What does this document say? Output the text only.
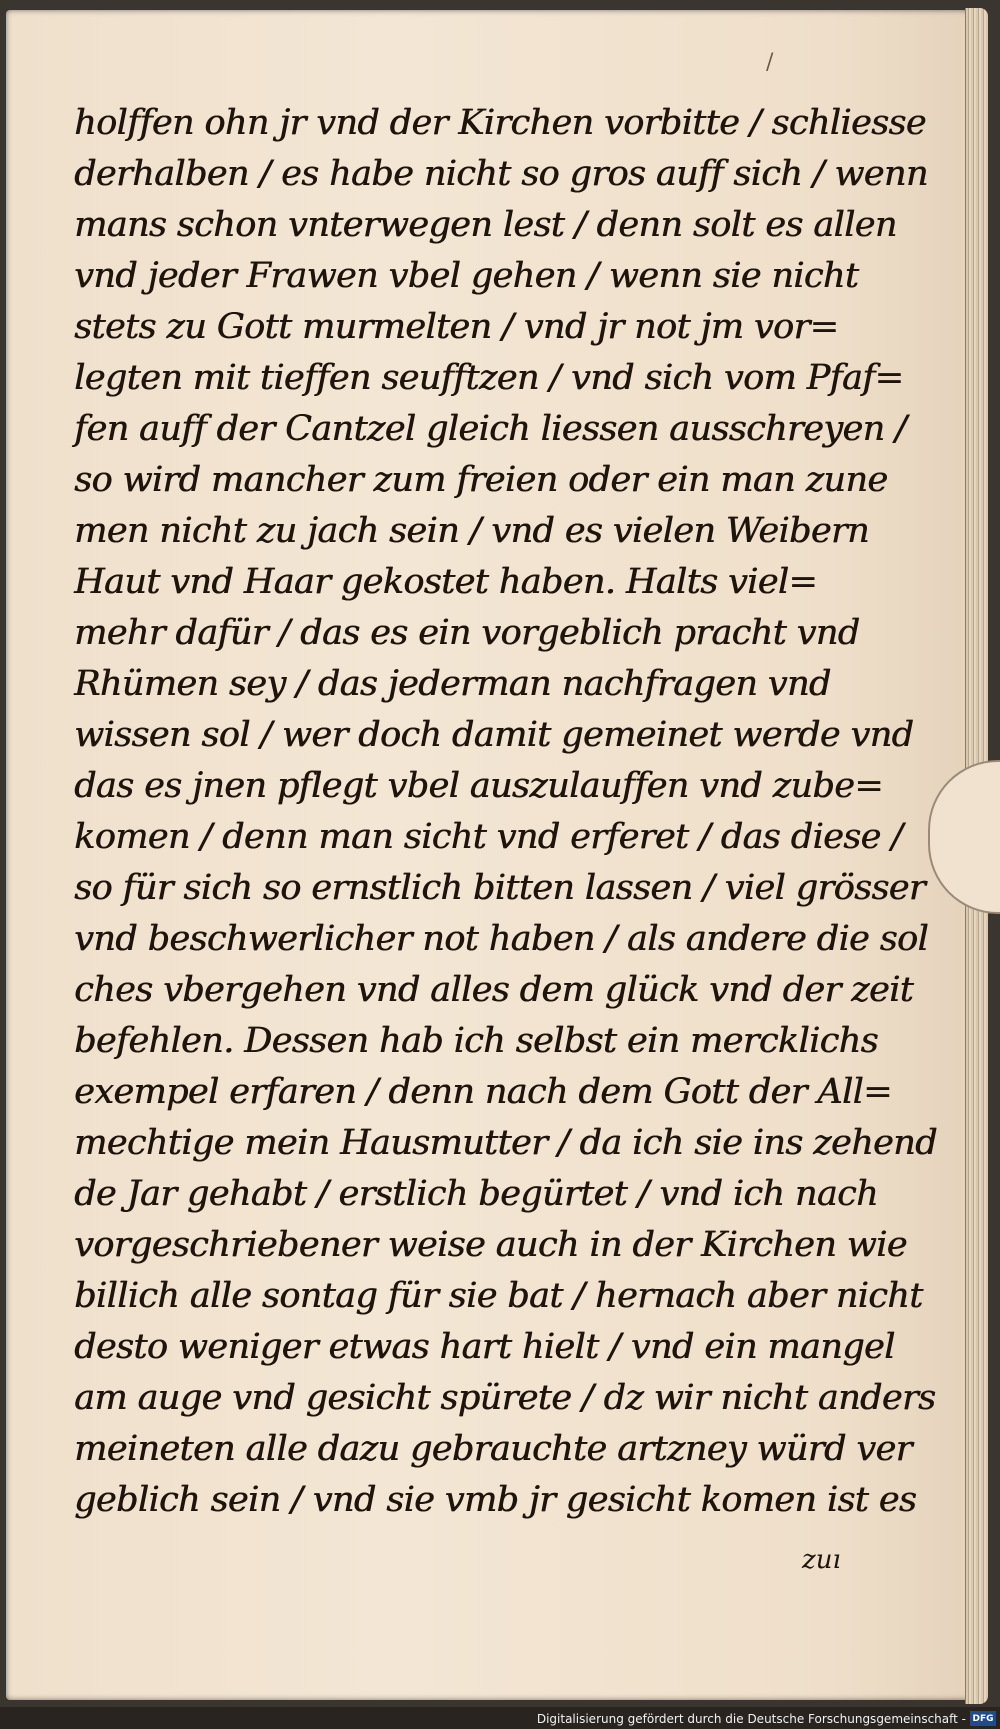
/
holffen ohn jr vnd der Kirchen vorbitte / schliesse
derhalben / es habe nicht so gros auff sich / wenn
mans schon vnterwegen lest / denn solt es allen
vnd jeder Frawen vbel gehen / wenn sie nicht
stets zu Gott murmelten / vnd jr not jm vor=
legten mit tieffen seufftzen / vnd sich vom Pfaf=
fen auff der Cantzel gleich liessen ausschreyen /
so wird mancher zum freien oder ein man zune
men nicht zu jach sein / vnd es vielen Weibern
Haut vnd Haar gekostet haben. Halts viel=
mehr dafür / das es ein vorgeblich pracht vnd
Rhümen sey / das jederman nachfragen vnd
wissen sol / wer doch damit gemeinet werde vnd
das es jnen pflegt vbel auszulauffen vnd zube=
komen / denn man sicht vnd erferet / das diese /
so für sich so ernstlich bitten lassen / viel grösser
vnd beschwerlicher not haben / als andere die sol
ches vbergehen vnd alles dem glück vnd der zeit
befehlen. Dessen hab ich selbst ein mercklichs
exempel erfaren / denn nach dem Gott der All=
mechtige mein Hausmutter / da ich sie ins zehend
de Jar gehabt / erstlich begürtet / vnd ich nach
vorgeschriebener weise auch in der Kirchen wie
billich alle sontag für sie bat / hernach aber nicht
desto weniger etwas hart hielt / vnd ein mangel
am auge vnd gesicht spürete / dz wir nicht anders
meineten alle dazu gebrauchte artzney würd ver
geblich sein / vnd sie vmb jr gesicht komen ist es
zuı
Digitalisierung gefördert durch die Deutsche Forschungsgemeinschaft - DFG
